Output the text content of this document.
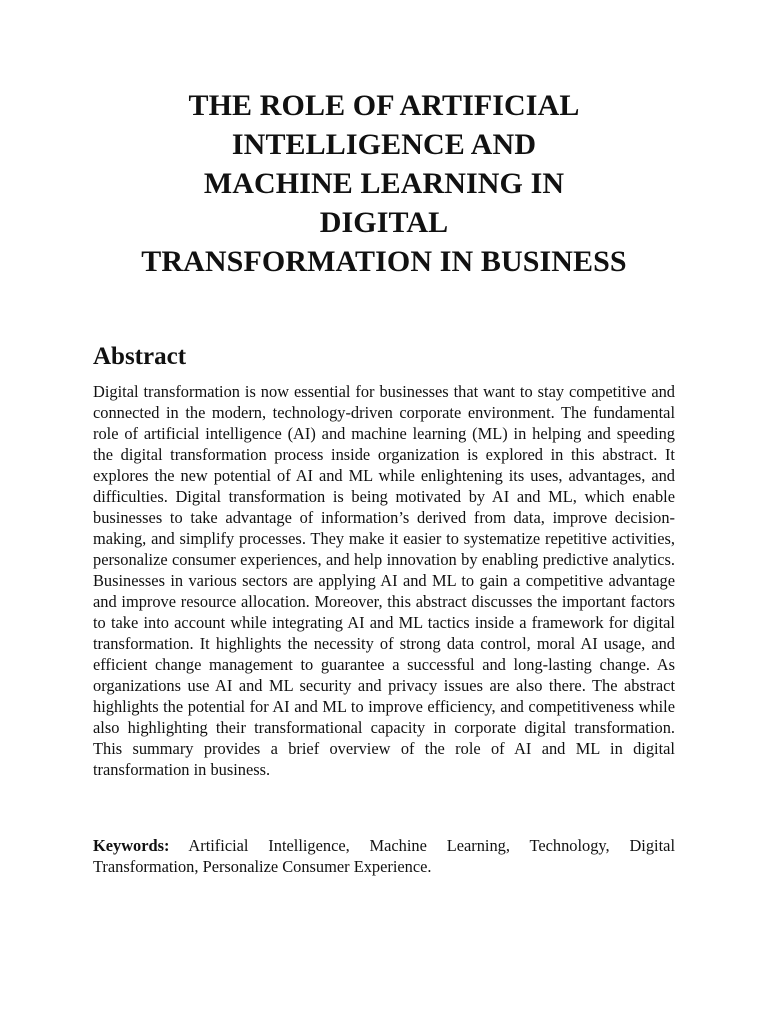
THE ROLE OF ARTIFICIAL
INTELLIGENCE AND
MACHINE LEARNING IN
DIGITAL
TRANSFORMATION IN BUSINESS
Abstract

Digital transformation is now essential for businesses that want to stay competitive and connected in the modern, technology-driven corporate environment. The fundamental role of artificial intelligence (AI) and machine learning (ML) in helping and speeding the digital transformation process inside organization is explored in this abstract. It explores the new potential of AI and ML while enlightening its uses, advantages, and difficulties. Digital transformation is being motivated by AI and ML, which enable businesses to take advantage of information’s derived from data, improve decision-making, and simplify processes. They make it easier to systematize repetitive activities, personalize consumer experiences, and help innovation by enabling predictive analytics. Businesses in various sectors are applying AI and ML to gain a competitive advantage and improve resource allocation. Moreover, this abstract discusses the important factors to take into account while integrating AI and ML tactics inside a framework for digital transformation. It highlights the necessity of strong data control, moral AI usage, and efficient change management to guarantee a successful and long-lasting change. As organizations use AI and ML security and privacy issues are also there. The abstract highlights the potential for AI and ML to improve efficiency, and competitiveness while also highlighting their transformational capacity in corporate digital transformation. This summary provides a brief overview of the role of AI and ML in digital transformation in business.

Keywords: Artificial Intelligence, Machine Learning, Technology, Digital Transformation, Personalize Consumer Experience.
